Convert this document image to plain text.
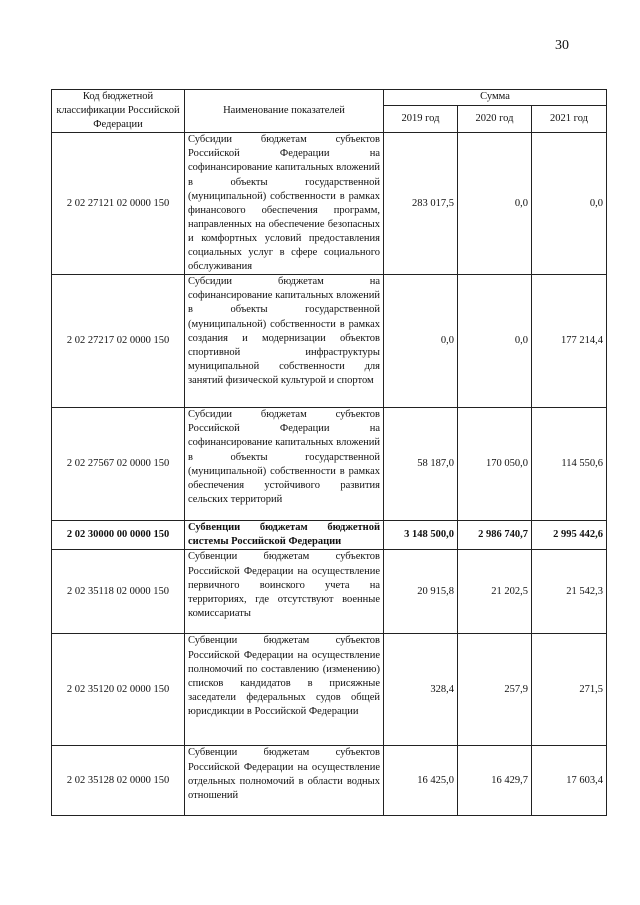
30
Код бюджетной классификации Российской Федерации	Наименование показателей	Сумма		
		2019 год	2020 год	2021 год
2 02 27121 02 0000 150	Субсидии бюджетам субъектов Российской Федерации на софинансирование капитальных вложений в объекты государственной (муниципальной) собственности в рамках финансового обеспечения программ, направленных на обеспечение безопасных и комфортных условий предоставления социальных услуг в сфере социального обслуживания	283 017,5	0,0	0,0
2 02 27217 02 0000 150	Субсидии бюджетам на софинансирование капитальных вложений в объекты государственной (муниципальной) собственности в рамках создания и модернизации объектов спортивной инфраструктуры муниципальной собственности для занятий физической культурой и спортом	0,0	0,0	177 214,4
2 02 27567 02 0000 150	Субсидии бюджетам субъектов Российской Федерации на софинансирование капитальных вложений в объекты государственной (муниципальной) собственности в рамках обеспечения устойчивого развития сельских территорий	58 187,0	170 050,0	114 550,6
2 02 30000 00 0000 150	Субвенции бюджетам бюджетной системы Российской Федерации	3 148 500,0	2 986 740,7	2 995 442,6
2 02 35118 02 0000 150	Субвенции бюджетам субъектов Российской Федерации на осуществление первичного воинского учета на территориях, где отсутствуют военные комиссариаты	20 915,8	21 202,5	21 542,3
2 02 35120 02 0000 150	Субвенции бюджетам субъектов Российской Федерации на осуществление полномочий по составлению (изменению) списков кандидатов в присяжные заседатели федеральных судов общей юрисдикции в Российской Федерации	328,4	257,9	271,5
2 02 35128 02 0000 150	Субвенции бюджетам субъектов Российской Федерации на осуществление отдельных полномочий в области водных отношений	16 425,0	16 429,7	17 603,4
